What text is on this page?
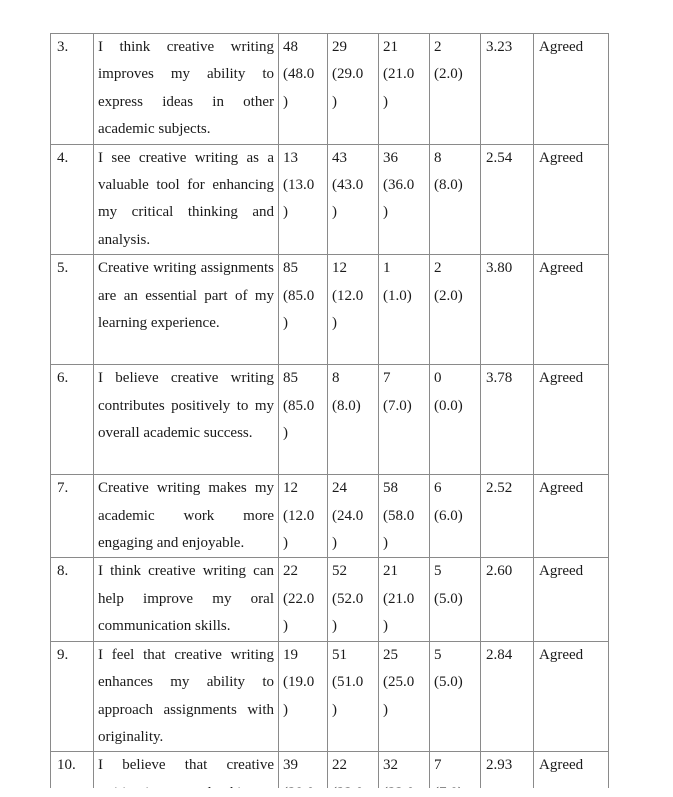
3.	I think creative writing improves my ability to express ideas in other academic subjects.	48
(48.0
)	29
(29.0
)	21
(21.0
)	2
(2.0)	3.23	Agreed
4.	I see creative writing as a valuable tool for enhancing my critical thinking and analysis.	13
(13.0
)	43
(43.0
)	36
(36.0
)	8
(8.0)	2.54	Agreed
5.	Creative writing assignments are an essential part of my learning experience.	85
(85.0
)	12
(12.0
)	1
(1.0)	2
(2.0)	3.80	Agreed
6.	I believe creative writing contributes positively to my overall academic success.	85
(85.0
)	8
(8.0)	7
(7.0)	0
(0.0)	3.78	Agreed
7.	Creative writing makes my academic work more engaging and enjoyable.	12
(12.0
)	24
(24.0
)	58
(58.0
)	6
(6.0)	2.52	Agreed
8.	I think creative writing can help improve my oral communication skills.	22
(22.0
)	52
(52.0
)	21
(21.0
)	5
(5.0)	2.60	Agreed
9.	I feel that creative writing enhances my ability to approach assignments with originality.	19
(19.0
)	51
(51.0
)	25
(25.0
)	5
(5.0)	2.84	Agreed
10.	I believe that creative	39	22	32	7	2.93	Agreed
